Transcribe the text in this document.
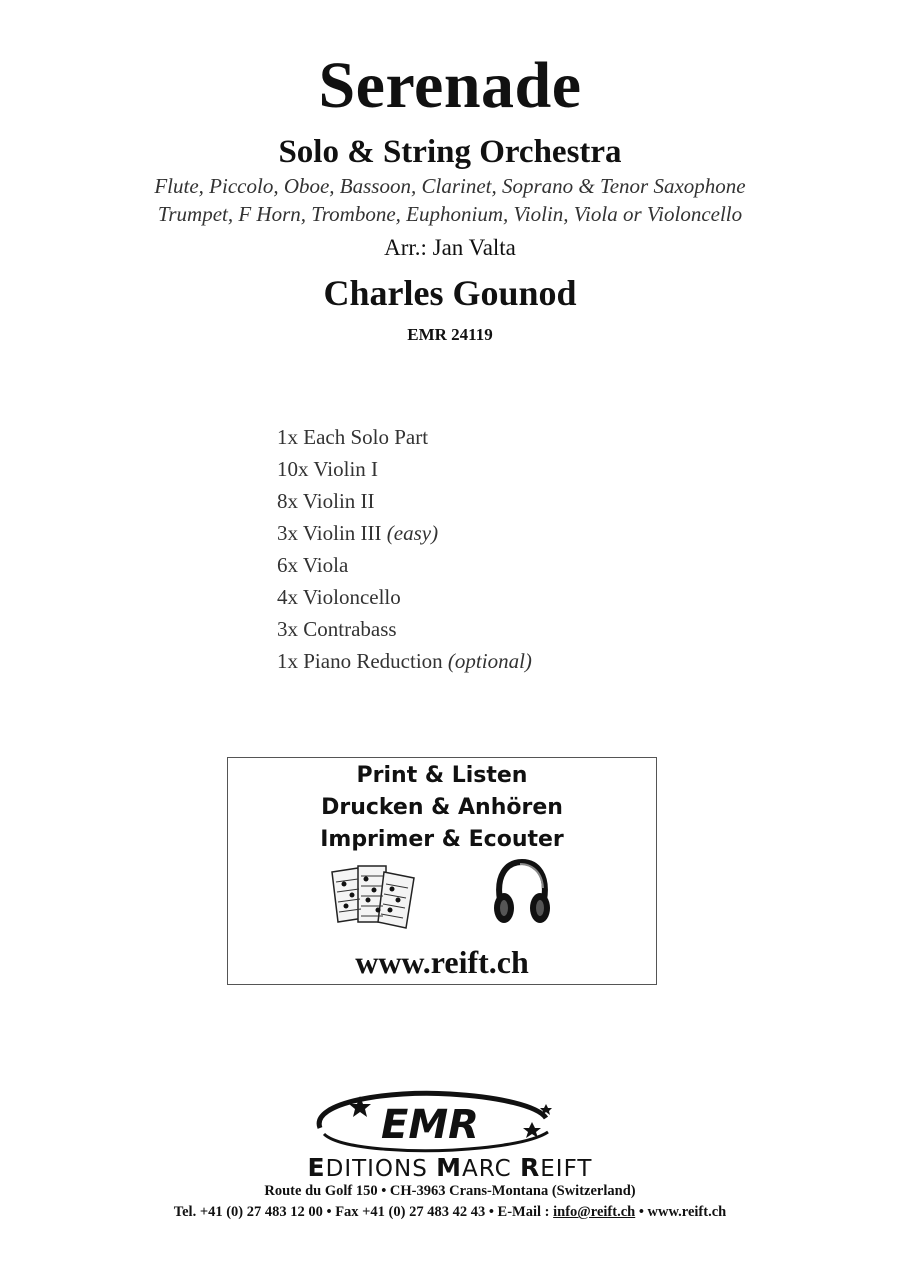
Serenade
Solo & String Orchestra
Flute, Piccolo, Oboe, Bassoon, Clarinet, Soprano & Tenor Saxophone
Trumpet, F Horn, Trombone, Euphonium, Violin, Viola or Violoncello
Arr.: Jan Valta
Charles Gounod
EMR 24119
1x Each Solo Part
10x Violin I
8x Violin II
3x Violin III (easy)
6x Viola
4x Violoncello
3x Contrabass
1x Piano Reduction (optional)
Print & Listen
Drucken & Anhören
Imprimer & Ecouter
www.reift.ch
EMR
EDITIONS MARC REIFT
Route du Golf 150 • CH-3963 Crans-Montana (Switzerland)
Tel. +41 (0) 27 483 12 00 • Fax +41 (0) 27 483 42 43 • E-Mail : info@reift.ch • www.reift.ch
